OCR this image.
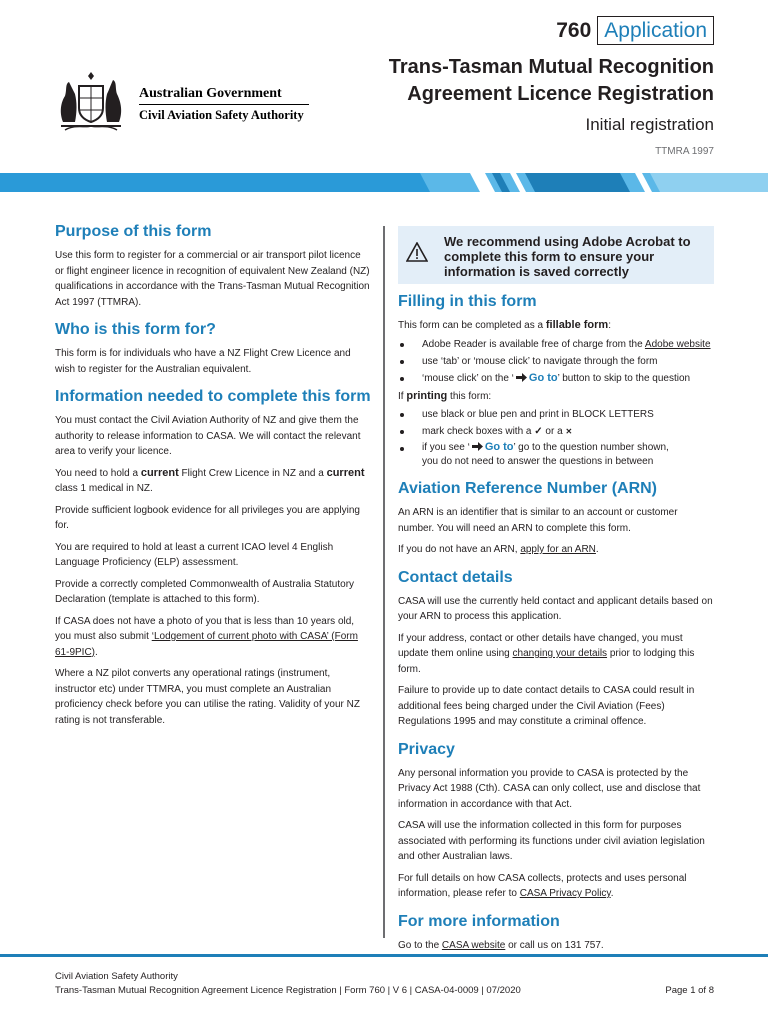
Australian Government
Civil Aviation Safety Authority
760 Application
Trans-Tasman Mutual Recognition
Agreement Licence Registration
Initial registration
TTMRA 1997
Purpose of this form

Use this form to register for a commercial or air transport pilot licence or flight engineer licence in recognition of equivalent New Zealand (NZ) qualifications in accordance with the Trans-Tasman Mutual Recognition Act 1997 (TTMRA).

Who is this form for?

This form is for individuals who have a NZ Flight Crew Licence and wish to register for the Australian equivalent.

Information needed to complete this form

You must contact the Civil Aviation Authority of NZ and give them the authority to release information to CASA. We will contact the relevant area to verify your licence.

You need to hold a current Flight Crew Licence in NZ and a current class 1 medical in NZ.

Provide sufficient logbook evidence for all privileges you are applying for.

You are required to hold at least a current ICAO level 4 English Language Proficiency (ELP) assessment.

Provide a correctly completed Commonwealth of Australia Statutory Declaration (template is attached to this form).

If CASA does not have a photo of you that is less than 10 years old, you must also submit ‘Lodgement of current photo with CASA’ (Form 61-9PIC).

Where a NZ pilot converts any operational ratings (instrument, instructor etc) under TTMRA, you must complete an Australian proficiency check before you can utilise the rating. Validity of your NZ rating is not transferable.

We recommend using Adobe Acrobat to complete this form to ensure your information is saved correctly
Filling in this form

This form can be completed as a fillable form:

Adobe Reader is available free of charge from the Adobe website
use ‘tab’ or ‘mouse click’ to navigate through the form
‘mouse click’ on the ‘ Go to’ button to skip to the question

If printing this form:

use black or blue pen and print in BLOCK LETTERS
mark check boxes with a ✓ or a ✕
if you see ‘ Go to’ go to the question number shown,
you do not need to answer the questions in between
Aviation Reference Number (ARN)

An ARN is an identifier that is similar to an account or customer number. You will need an ARN to complete this form.

If you do not have an ARN, apply for an ARN.

Contact details

CASA will use the currently held contact and applicant details based on your ARN to process this application.

If your address, contact or other details have changed, you must update them online using changing your details prior to lodging this form.

Failure to provide up to date contact details to CASA could result in additional fees being charged under the Civil Aviation (Fees) Regulations 1995 and may constitute a criminal offence.

Privacy

Any personal information you provide to CASA is protected by the Privacy Act 1988 (Cth). CASA can only collect, use and disclose that information in accordance with that Act.

CASA will use the information collected in this form for purposes associated with performing its functions under civil aviation legislation and other Australian laws.

For full details on how CASA collects, protects and uses personal information, please refer to CASA Privacy Policy.

For more information

Go to the CASA website or call us on 131 757.

Civil Aviation Safety Authority
Trans-Tasman Mutual Recognition Agreement Licence Registration | Form 760 | V 6 | CASA-04-0009 | 07/2020	Page 1 of 8
